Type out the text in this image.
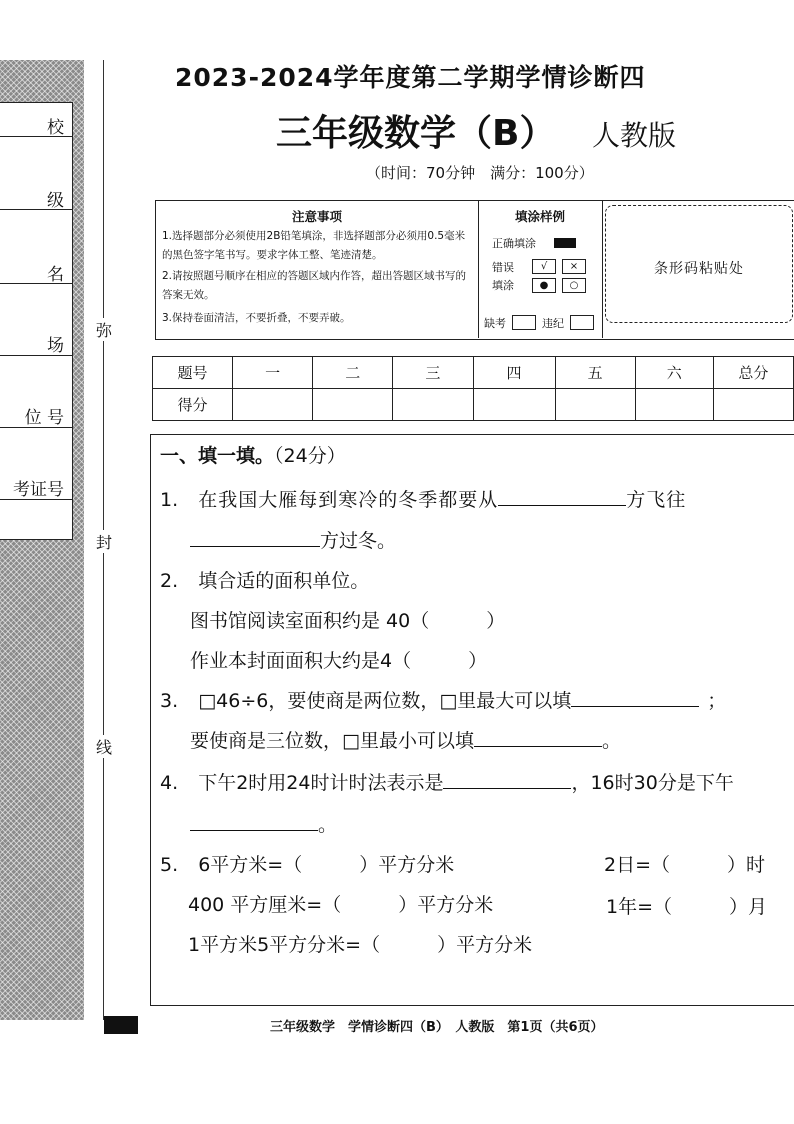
校
级
名
场
位 号
考证号
弥
封
线
2023-2024学年度第二学期学情诊断四
三年级数学（B） 人教版
（时间：70分钟　满分：100分）
注意事项
1.选择题部分必须使用2B铅笔填涂，非选择题部分必须用0.5毫米的黑色签字笔书写。要求字体工整、笔迹清楚。
2.请按照题号顺序在相应的答题区域内作答，超出答题区域书写的答案无效。
3.保持卷面清洁，不要折叠，不要弄破。
填涂样例
正确填涂
错误	√	×
填涂	●	○
缺考	违纪
条形码粘贴处
题号	一	二	三	四	五	六	总分
得分							
一、填一填。（24分）
1. 在我国大雁每到寒冷的冬季都要从	方飞往
方过冬。
2. 填合适的面积单位。
图书馆阅读室面积约是 40（　　　）
作业本封面面积大约是4（　　　）
3. □46÷6，要使商是两位数，□里最大可以填	；
要使商是三位数，□里最小可以填	。
4. 下午2时用24时计时法表示是	，16时30分是下午
。
5. 6平方米=（　　　）平方分米	2日=（　　　）时
400 平方厘米=（　　　）平方分米	1年=（　　　）月
1平方米5平方分米=（　　　）平方分米
三年级数学　学情诊断四（B）　人教版　第1页（共6页）
